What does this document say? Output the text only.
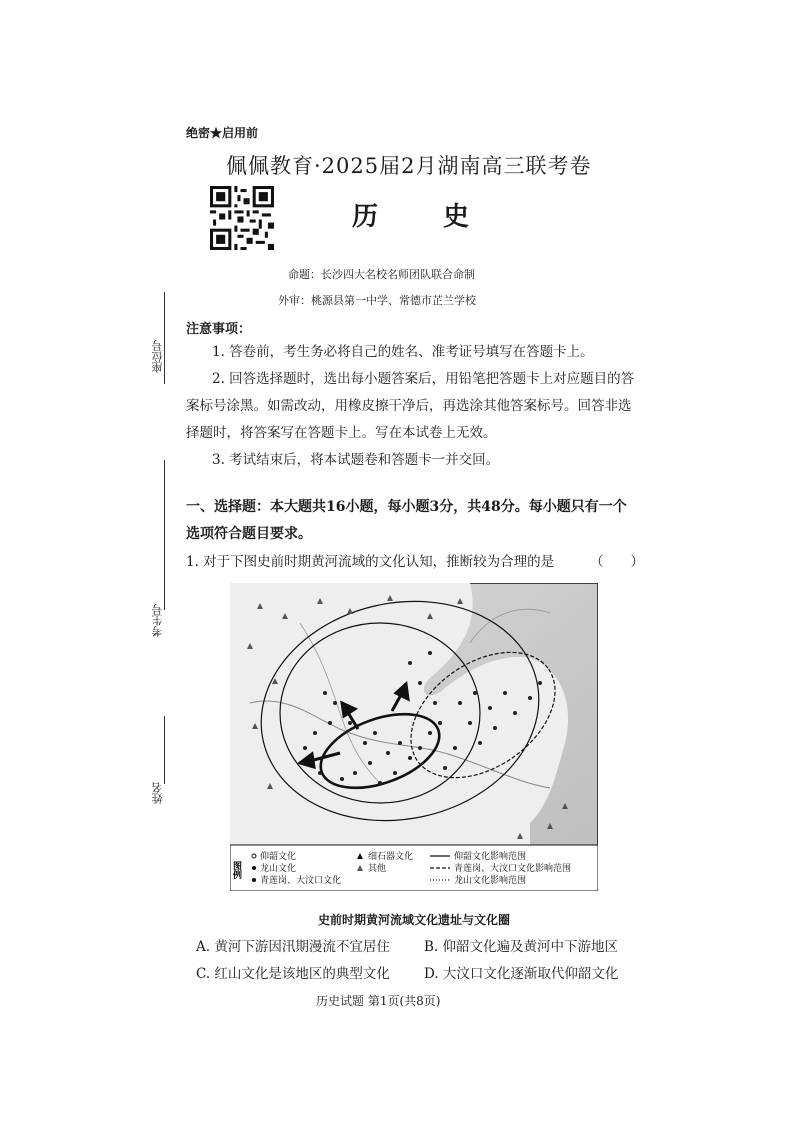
绝密★启用前
佩佩教育·2025届2月湖南高三联考卷
历 史
命题：长沙四大名校名师团队联合命制
外审：桃源县第一中学、常德市芷兰学校
座位号
考生号
姓名
注意事项：
1. 答卷前，考生务必将自己的姓名、准考证号填写在答题卡上。
2. 回答选择题时，选出每小题答案后，用铅笔把答题卡上对应题目的答案标号涂黑。如需改动，用橡皮擦干净后，再选涂其他答案标号。回答非选择题时，将答案写在答题卡上。写在本试卷上无效。
3. 考试结束后，将本试题卷和答题卡一并交回。
一、选择题：本大题共16小题，每小题3分，共48分。每小题只有一个选项符合题目要求。
1. 对于下图史前时期黄河流域的文化认知，推断较为合理的是	（　　）
图例
仰韶文化
龙山文化
青莲岗、大汶口文化
细石器文化
其他
仰韶文化影响范围
青莲岗、大汶口文化影响范围
龙山文化影响范围
史前时期黄河流域文化遗址与文化圈
A. 黄河下游因汛期漫流不宜居住	B. 仰韶文化遍及黄河中下游地区
C. 红山文化是该地区的典型文化	D. 大汶口文化逐渐取代仰韶文化
历史试题 第1页(共8页)
